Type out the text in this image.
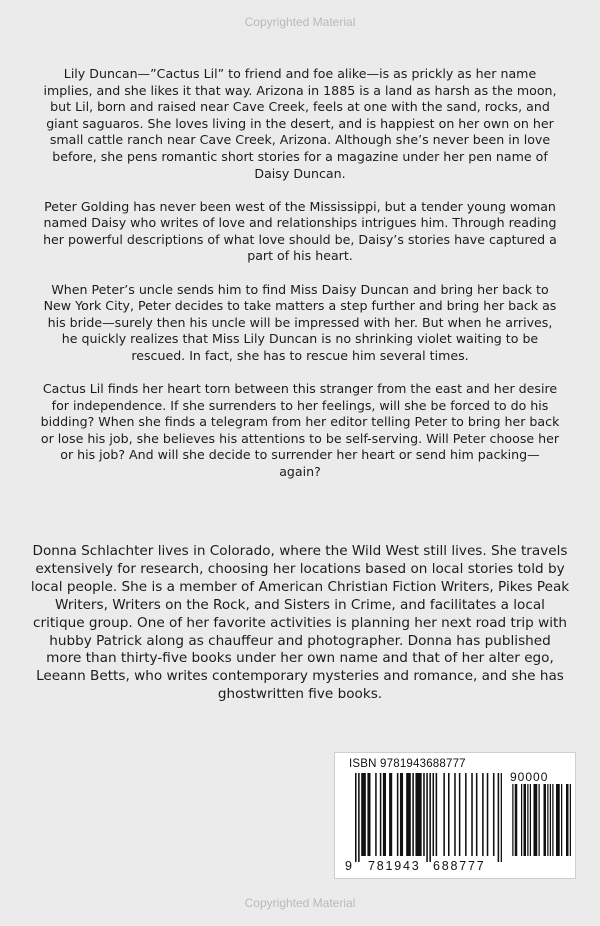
Copyrighted Material

Lily Duncan—”Cactus Lil” to friend and foe alike—is as prickly as her name implies, and she likes it that way. Arizona in 1885 is a land as harsh as the moon, but Lil, born and raised near Cave Creek, feels at one with the sand, rocks, and giant saguaros. She loves living in the desert, and is happiest on her own on her small cattle ranch near Cave Creek, Arizona. Although she’s never been in love before, she pens romantic short stories for a magazine under her pen name of Daisy Duncan.

Peter Golding has never been west of the Mississippi, but a tender young woman named Daisy who writes of love and relationships intrigues him. Through reading her powerful descriptions of what love should be, Daisy’s stories have captured a part of his heart.

When Peter’s uncle sends him to find Miss Daisy Duncan and bring her back to New York City, Peter decides to take matters a step further and bring her back as his bride—surely then his uncle will be impressed with her. But when he arrives, he quickly realizes that Miss Lily Duncan is no shrinking violet waiting to be rescued. In fact, she has to rescue him several times.

Cactus Lil finds her heart torn between this stranger from the east and her desire for independence. If she surrenders to her feelings, will she be forced to do his bidding? When she finds a telegram from her editor telling Peter to bring her back or lose his job, she believes his attentions to be self-serving. Will Peter choose her or his job? And will she decide to surrender her heart or send him packing—again?

Donna Schlachter lives in Colorado, where the Wild West still lives. She travels extensively for research, choosing her locations based on local stories told by local people. She is a member of American Christian Fiction Writers, Pikes Peak Writers, Writers on the Rock, and Sisters in Crime, and facilitates a local critique group. One of her favorite activities is planning her next road trip with hubby Patrick along as chauffeur and photographer. Donna has published more than thirty-five books under her own name and that of her alter ego, Leeann Betts, who writes contemporary mysteries and romance, and she has ghostwritten five books.

ISBN 9781943688777
90000
9 781943 688777
Copyrighted Material
